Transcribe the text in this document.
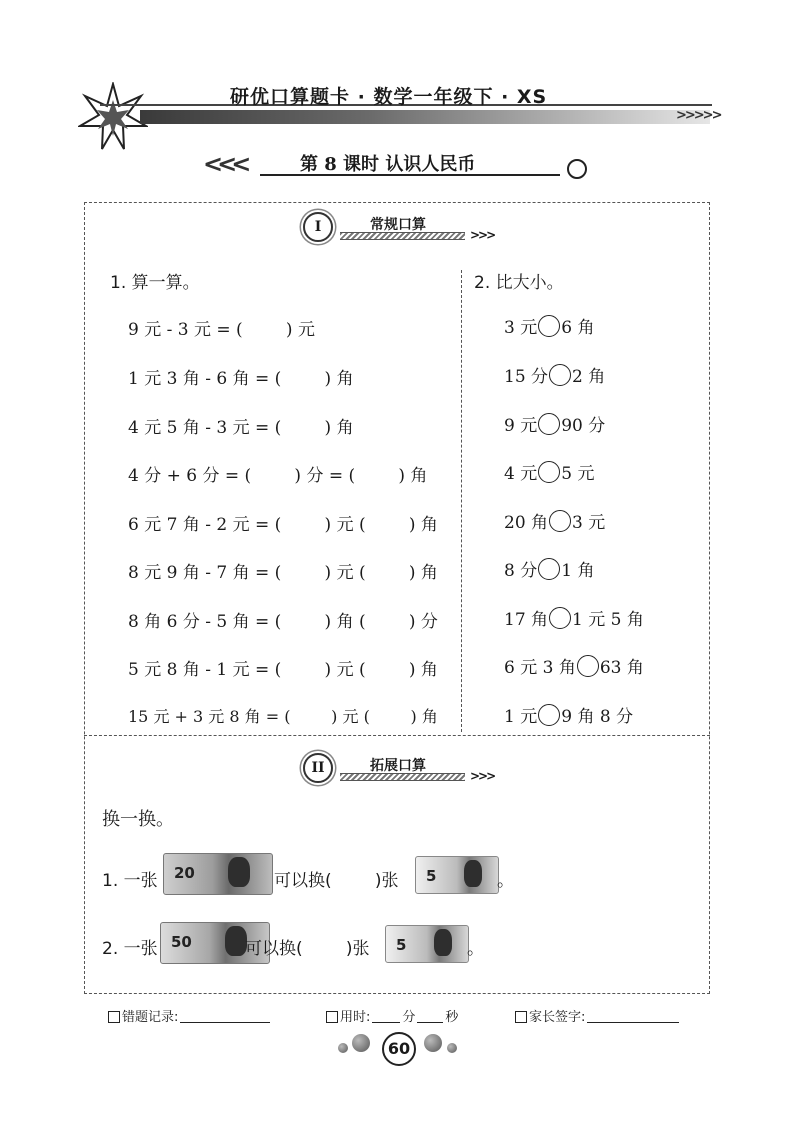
>>>>>
研优口算题卡 · 数学一年级下 · XS
<<<	第 8 课时 认识人民币
I	常规口算
>>>
1. 算一算。
9 元 - 3 元 = (        ) 元
1 元 3 角 - 6 角 = (        ) 角
4 元 5 角 - 3 元 = (        ) 角
4 分 + 6 分 = (        ) 分 = (        ) 角
6 元 7 角 - 2 元 = (        ) 元 (        ) 角
8 元 9 角 - 7 角 = (        ) 元 (        ) 角
8 角 6 分 - 5 角 = (        ) 角 (        ) 分
5 元 8 角 - 1 元 = (        ) 元 (        ) 角
15 元 + 3 元 8 角 = (        ) 元 (        ) 角
2. 比大小。
3 元 6 角
15 分 2 角
9 元 90 分
4 元 5 元
20 角 3 元
8 分 1 角
17 角 1 元 5 角
6 元 3 角 63 角
1 元 9 角 8 分
II	拓展口算
>>>
换一换。
1. 一张 20	可以换(        )张 5	。
2. 一张 50	可以换(        )张 5	。
错题记录:	用时: 分 秒	家长签字:
60
